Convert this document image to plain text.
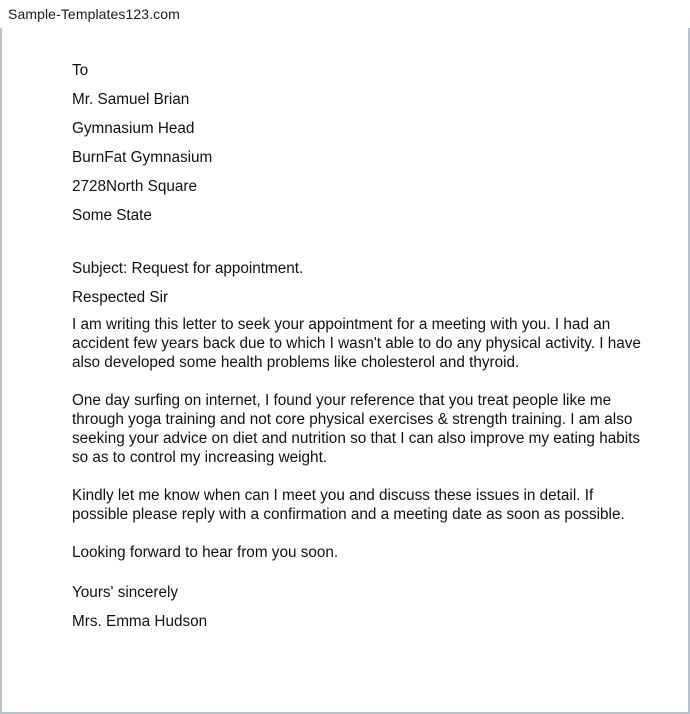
Sample-Templates123.com
To
Mr. Samuel Brian
Gymnasium Head
BurnFat Gymnasium
2728North Square
Some State
Subject: Request for appointment.
Respected Sir

I am writing this letter to seek your appointment for a meeting with you. I had an
accident few years back due to which I wasn't able to do any physical activity. I have
also developed some health problems like cholesterol and thyroid.

One day surfing on internet, I found your reference that you treat people like me
through yoga training and not core physical exercises & strength training. I am also
seeking your advice on diet and nutrition so that I can also improve my eating habits
so as to control my increasing weight.

Kindly let me know when can I meet you and discuss these issues in detail. If
possible please reply with a confirmation and a meeting date as soon as possible.

Looking forward to hear from you soon.

Yours' sincerely
Mrs. Emma Hudson
